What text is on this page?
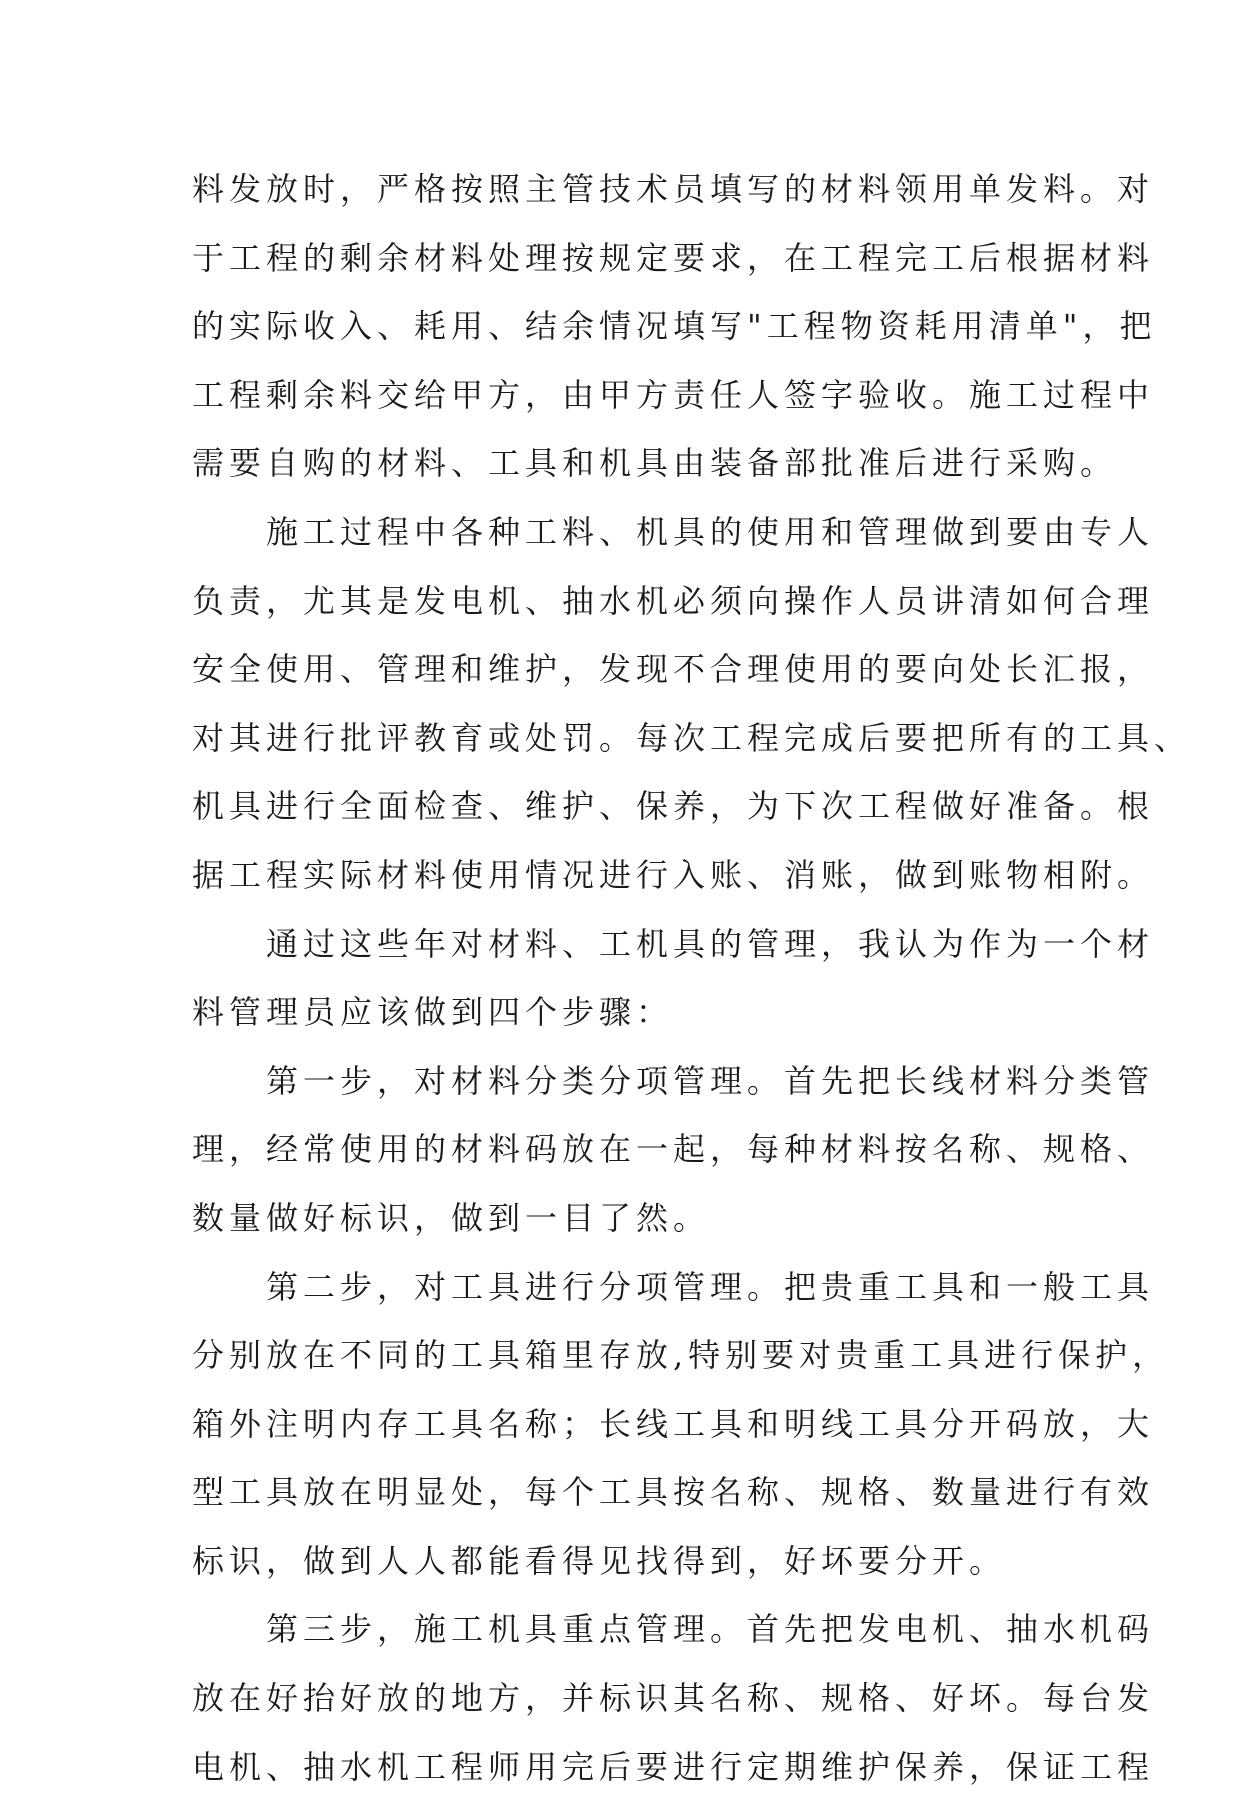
料发放时，严格按照主管技术员填写的材料领用单发料。对
于工程的剩余材料处理按规定要求，在工程完工后根据材料
的实际收入、耗用、结余情况填写"工程物资耗用清单"，把
工程剩余料交给甲方，由甲方责任人签字验收。施工过程中
需要自购的材料、工具和机具由装备部批准后进行采购。
　　施工过程中各种工料、机具的使用和管理做到要由专人
负责，尤其是发电机、抽水机必须向操作人员讲清如何合理
安全使用、管理和维护，发现不合理使用的要向处长汇报，
对其进行批评教育或处罚。每次工程完成后要把所有的工具、
机具进行全面检查、维护、保养，为下次工程做好准备。根
据工程实际材料使用情况进行入账、消账，做到账物相附。
　　通过这些年对材料、工机具的管理，我认为作为一个材
料管理员应该做到四个步骤：
　　第一步，对材料分类分项管理。首先把长线材料分类管
理，经常使用的材料码放在一起，每种材料按名称、规格、
数量做好标识，做到一目了然。
　　第二步，对工具进行分项管理。把贵重工具和一般工具
分别放在不同的工具箱里存放,特别要对贵重工具进行保护，
箱外注明内存工具名称；长线工具和明线工具分开码放，大
型工具放在明显处，每个工具按名称、规格、数量进行有效
标识，做到人人都能看得见找得到，好坏要分开。
　　第三步，施工机具重点管理。首先把发电机、抽水机码
放在好抬好放的地方，并标识其名称、规格、好坏。每台发
电机、抽水机工程师用完后要进行定期维护保养，保证工程
